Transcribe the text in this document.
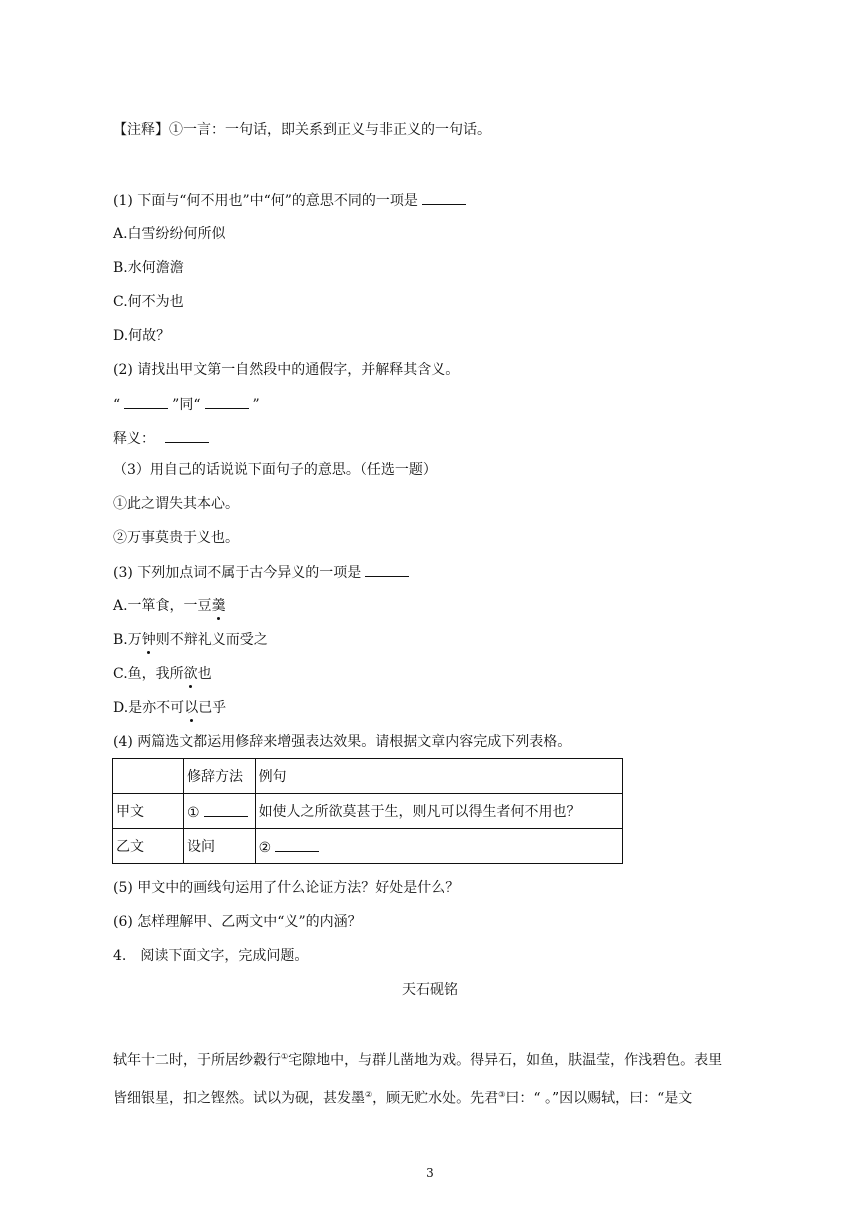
【注释】①一言：一句话，即关系到正义与非正义的一句话。
(1) 下面与“何不用也”中“何”的意思不同的一项是
A.白雪纷纷何所似
B.水何澹澹
C.何不为也
D.何故？
(2) 请找出甲文第一自然段中的通假字，并解释其含义。
“	”同“	”
释义：
（3）用自己的话说说下面句子的意思。（任选一题）
①此之谓失其本心。
②万事莫贵于义也。
(3) 下列加点词不属于古今异义的一项是
A.一箪食，一豆羹
B.万钟则不辩礼义而受之
C.鱼，我所欲也
D.是亦不可以已乎
(4) 两篇选文都运用修辞来增强表达效果。请根据文章内容完成下列表格。
	修辞方法	例句
甲文	①	如使人之所欲莫甚于生，则凡可以得生者何不用也？
乙文	设问	②
(5) 甲文中的画线句运用了什么论证方法？好处是什么？
(6) 怎样理解甲、乙两文中“义”的内涵？
4. 阅读下面文字，完成问题。
天石砚铭
轼年十二时，于所居纱縠行①宅隙地中，与群儿凿地为戏。得异石，如鱼，肤温莹，作浅碧色。表里
皆细银星，扣之铿然。试以为砚，甚发墨②，顾无贮水处。先君③曰：“ 。”因以赐轼，曰：“是文
3
